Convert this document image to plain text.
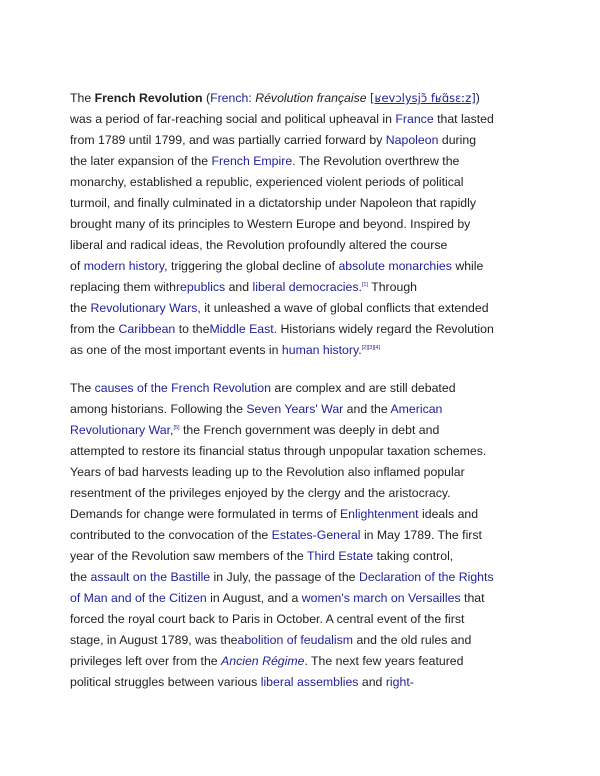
The French Revolution (French: Révolution française [ʁevɔlysjɔ̃ fʁɑ̃sɛːz])
was a period of far-reaching social and political upheaval in France that lasted
from 1789 until 1799, and was partially carried forward by Napoleon during
the later expansion of the French Empire. The Revolution overthrew the
monarchy, established a republic, experienced violent periods of political
turmoil, and finally culminated in a dictatorship under Napoleon that rapidly
brought many of its principles to Western Europe and beyond. Inspired by
liberal and radical ideas, the Revolution profoundly altered the course
of modern history, triggering the global decline of absolute monarchies while
replacing them withrepublics and liberal democracies.[1] Through
the Revolutionary Wars, it unleashed a wave of global conflicts that extended
from the Caribbean to theMiddle East. Historians widely regard the Revolution
as one of the most important events in human history.[2][3][4]
The causes of the French Revolution are complex and are still debated
among historians. Following the Seven Years' War and the American
Revolutionary War,[5] the French government was deeply in debt and
attempted to restore its financial status through unpopular taxation schemes.
Years of bad harvests leading up to the Revolution also inflamed popular
resentment of the privileges enjoyed by the clergy and the aristocracy.
Demands for change were formulated in terms of Enlightenment ideals and
contributed to the convocation of the Estates-General in May 1789. The first
year of the Revolution saw members of the Third Estate taking control,
the assault on the Bastille in July, the passage of the Declaration of the Rights
of Man and of the Citizen in August, and a women's march on Versailles that
forced the royal court back to Paris in October. A central event of the first
stage, in August 1789, was theabolition of feudalism and the old rules and
privileges left over from the Ancien Régime. The next few years featured
political struggles between various liberal assemblies and right-
